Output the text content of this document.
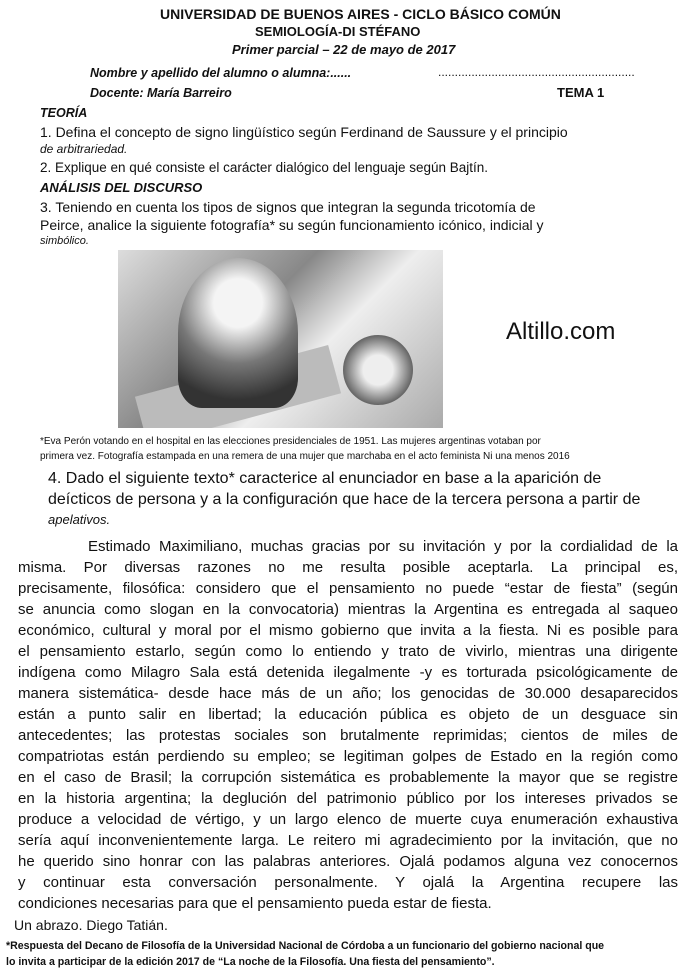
UNIVERSIDAD DE BUENOS AIRES - CICLO BÁSICO COMÚN
SEMIOLOGÍA-DI STÉFANO
Primer parcial – 22 de mayo de 2017
Nombre y apellido del alumno o alumna:......	...........................................................
Docente: María Barreiro	TEMA 1
TEORÍA
1. Defina el concepto de signo lingüístico según Ferdinand de Saussure y el principio
de arbitrariedad.
2. Explique en qué consiste el carácter dialógico del lenguaje según Bajtín.
ANÁLISIS DEL DISCURSO
3. Teniendo en cuenta los tipos de signos que integran la segunda tricotomía de
Peirce, analice la siguiente fotografía* su según funcionamiento icónico, indicial y
simbólico.
Altillo.com
*Eva Perón votando en el hospital en las elecciones presidenciales de 1951. Las mujeres argentinas votaban por
primera vez. Fotografía estampada en una remera de una mujer que marchaba en el acto feminista Ni una menos 2016
4. Dado el siguiente texto* caracterice al enunciador en base a la aparición de
deícticos de persona y a la configuración que hace de la tercera persona a partir de
apelativos.
Estimado Maximiliano, muchas gracias por su invitación y por la cordialidad de la
misma. Por diversas razones no me resulta posible aceptarla. La principal es,
precisamente, filosófica: considero que el pensamiento no puede “estar de fiesta” (según
se anuncia como slogan en la convocatoria) mientras la Argentina es entregada al saqueo
económico, cultural y moral por el mismo gobierno que invita a la fiesta. Ni es posible para
el pensamiento estarlo, según como lo entiendo y trato de vivirlo, mientras una dirigente
indígena como Milagro Sala está detenida ilegalmente -y es torturada psicológicamente de
manera sistemática- desde hace más de un año; los genocidas de 30.000 desaparecidos
están a punto salir en libertad; la educación pública es objeto de un desguace sin
antecedentes; las protestas sociales son brutalmente reprimidas; cientos de miles de
compatriotas están perdiendo su empleo; se legitiman golpes de Estado en la región como
en el caso de Brasil; la corrupción sistemática es probablemente la mayor que se registre
en la historia argentina; la deglución del patrimonio público por los intereses privados se
produce a velocidad de vértigo, y un largo elenco de muerte cuya enumeración exhaustiva
sería aquí inconvenientemente larga. Le reitero mi agradecimiento por la invitación, que no
he querido sino honrar con las palabras anteriores. Ojalá podamos alguna vez conocernos
y continuar esta conversación personalmente. Y ojalá la Argentina recupere las
condiciones necesarias para que el pensamiento pueda estar de fiesta.
Un abrazo. Diego Tatián.
*Respuesta del Decano de Filosofía de la Universidad Nacional de Córdoba a un funcionario del gobierno nacional que
lo invita a participar de la edición 2017 de “La noche de la Filosofía. Una fiesta del pensamiento”.
